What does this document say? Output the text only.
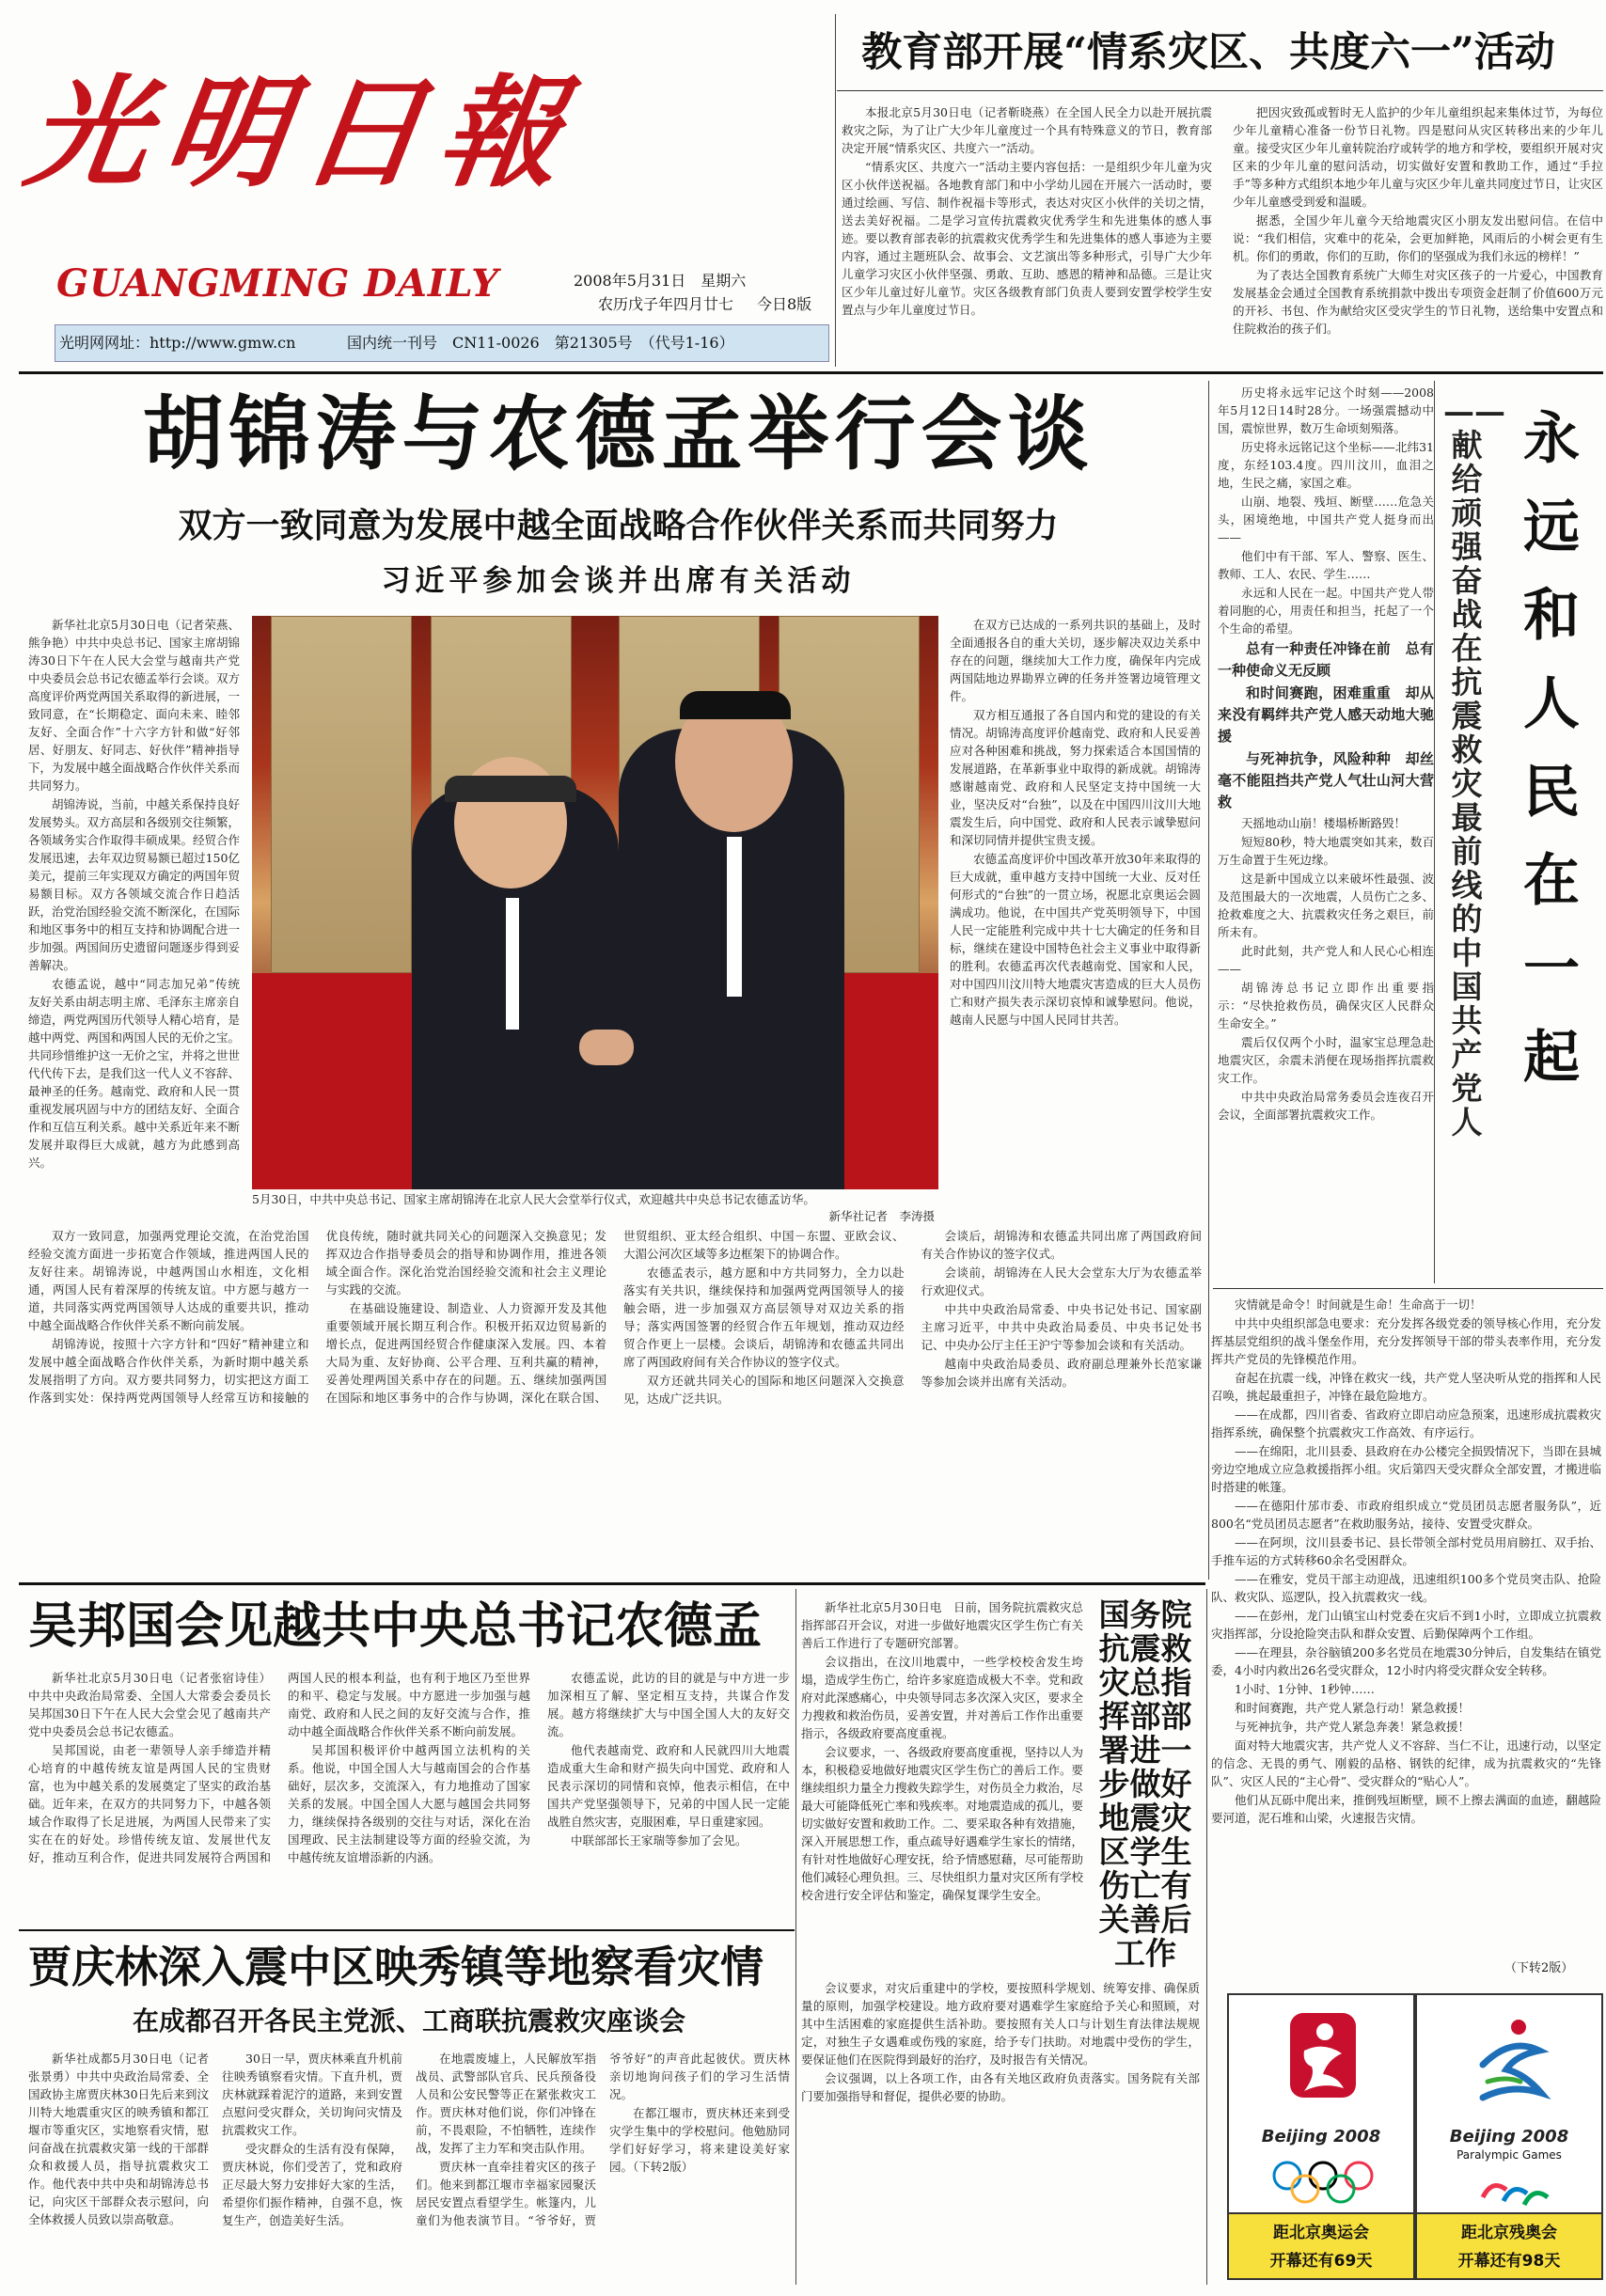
光明日報
GUANGMING DAILY	2008年5月31日　星期六
今日8版
农历戊子年四月廿七
光明网网址：http://www.gmw.cn	国内统一刊号　CN11-0026　第21305号　（代号1-16）
教育部开展“情系灾区、共度六一”活动

本报北京5月30日电（记者靳晓燕）在全国人民全力以赴开展抗震救灾之际，为了让广大少年儿童度过一个具有特殊意义的节日，教育部决定开展“情系灾区、共度六一”活动。

“情系灾区、共度六一”活动主要内容包括：一是组织少年儿童为灾区小伙伴送祝福。各地教育部门和中小学幼儿园在开展六一活动时，要通过绘画、写信、制作祝福卡等形式，表达对灾区小伙伴的关切之情，送去美好祝福。二是学习宣传抗震救灾优秀学生和先进集体的感人事迹。要以教育部表彰的抗震救灾优秀学生和先进集体的感人事迹为主要内容，通过主题班队会、故事会、文艺演出等多种形式，引导广大少年儿童学习灾区小伙伴坚强、勇敢、互助、感恩的精神和品德。三是让灾区少年儿童过好儿童节。灾区各级教育部门负责人要到安置学校学生安置点与少年儿童度过节日。

把因灾致孤或暂时无人监护的少年儿童组织起来集体过节，为每位少年儿童精心准备一份节日礼物。四是慰问从灾区转移出来的少年儿童。接受灾区少年儿童转院治疗或转学的地方和学校，要组织开展对灾区来的少年儿童的慰问活动，切实做好安置和教助工作，通过“手拉手”等多种方式组织本地少年儿童与灾区少年儿童共同度过节日，让灾区少年儿童感受到爱和温暖。

据悉，全国少年儿童今天给地震灾区小朋友发出慰问信。在信中说：“我们相信，灾难中的花朵，会更加鲜艳，风雨后的小树会更有生机。你们的勇敢，你们的互助，你们的坚强成为我们永远的榜样！”

为了表达全国教育系统广大师生对灾区孩子的一片爱心，中国教育发展基金会通过全国教育系统捐款中拨出专项资金赶制了价值600万元的开衫、书包、作为献给灾区受灾学生的节日礼物，送给集中安置点和住院救治的孩子们。

胡锦涛与农德孟举行会谈
双方一致同意为发展中越全面战略合作伙伴关系而共同努力
习近平参加会谈并出席有关活动

新华社北京5月30日电（记者荣燕、熊争艳）中共中央总书记、国家主席胡锦涛30日下午在人民大会堂与越南共产党中央委员会总书记农德孟举行会谈。双方高度评价两党两国关系取得的新进展，一致同意，在“长期稳定、面向未来、睦邻友好、全面合作”十六字方针和做“好邻居、好朋友、好同志、好伙伴”精神指导下，为发展中越全面战略合作伙伴关系而共同努力。

胡锦涛说，当前，中越关系保持良好发展势头。双方高层和各级别交往频繁，各领域务实合作取得丰硕成果。经贸合作发展迅速，去年双边贸易额已超过150亿美元，提前三年实现双方确定的两国年贸易额目标。双方各领域交流合作日趋活跃，治党治国经验交流不断深化，在国际和地区事务中的相互支持和协调配合进一步加强。两国间历史遗留问题逐步得到妥善解决。

农德孟说，越中“同志加兄弟”传统友好关系由胡志明主席、毛泽东主席亲自缔造，两党两国历代领导人精心培育，是越中两党、两国和两国人民的无价之宝。共同珍惜维护这一无价之宝，并将之世世代代传下去，是我们这一代人义不容辞、最神圣的任务。越南党、政府和人民一贯重视发展巩固与中方的团结友好、全面合作和互信互利关系。越中关系近年来不断发展并取得巨大成就，越方为此感到高兴。

5月30日，中共中央总书记、国家主席胡锦涛在北京人民大会堂举行仪式，欢迎越共中央总书记农德孟访华。
新华社记者　李涛摄

在双方已达成的一系列共识的基础上，及时全面通报各自的重大关切，逐步解决双边关系中存在的问题，继续加大工作力度，确保年内完成两国陆地边界勘界立碑的任务并签署边境管理文件。

双方相互通报了各自国内和党的建设的有关情况。胡锦涛高度评价越南党、政府和人民妥善应对各种困难和挑战，努力探索适合本国国情的发展道路，在革新事业中取得的新成就。胡锦涛感谢越南党、政府和人民坚定支持中国统一大业，坚决反对“台独”，以及在中国四川汶川大地震发生后，向中国党、政府和人民表示诚挚慰问和深切同情并提供宝贵支援。

农德孟高度评价中国改革开放30年来取得的巨大成就，重申越方支持中国统一大业、反对任何形式的“台独”的一贯立场，祝愿北京奥运会圆满成功。他说，在中国共产党英明领导下，中国人民一定能胜利完成中共十七大确定的任务和目标，继续在建设中国特色社会主义事业中取得新的胜利。农德孟再次代表越南党、国家和人民，对中国四川汶川特大地震灾害造成的巨大人员伤亡和财产损失表示深切哀悼和诚挚慰问。他说，越南人民愿与中国人民同甘共苦。

双方一致同意，加强两党理论交流，在治党治国经验交流方面进一步拓宽合作领域，推进两国人民的友好往来。胡锦涛说，中越两国山水相连，文化相通，两国人民有着深厚的传统友谊。中方愿与越方一道，共同落实两党两国领导人达成的重要共识，推动中越全面战略合作伙伴关系不断向前发展。

胡锦涛说，按照十六字方针和“四好”精神建立和发展中越全面战略合作伙伴关系，为新时期中越关系发展指明了方向。双方要共同努力，切实把这方面工作落到实处：保持两党两国领导人经常互访和接触的优良传统，随时就共同关心的问题深入交换意见；发挥双边合作指导委员会的指导和协调作用，推进各领域全面合作。深化治党治国经验交流和社会主义理论与实践的交流。

在基础设施建设、制造业、人力资源开发及其他重要领域开展长期互利合作。积极开拓双边贸易新的增长点，促进两国经贸合作健康深入发展。四、本着大局为重、友好协商、公平合理、互利共赢的精神，妥善处理两国关系中存在的问题。五、继续加强两国在国际和地区事务中的合作与协调，深化在联合国、世贸组织、亚太经合组织、中国－东盟、亚欧会议、大湄公河次区域等多边框架下的协调合作。

农德孟表示，越方愿和中方共同努力，全力以赴落实有关共识，继续保持和加强两党两国领导人的接触会晤，进一步加强双方高层领导对双边关系的指导；落实两国签署的经贸合作五年规划，推动双边经贸合作更上一层楼。会谈后，胡锦涛和农德孟共同出席了两国政府间有关合作协议的签字仪式。

双方还就共同关心的国际和地区问题深入交换意见，达成广泛共识。

会谈后，胡锦涛和农德孟共同出席了两国政府间有关合作协议的签字仪式。

会谈前，胡锦涛在人民大会堂东大厅为农德孟举行欢迎仪式。

中共中央政治局常委、中央书记处书记、国家副主席习近平，中共中央政治局委员、中央书记处书记、中央办公厅主任王沪宁等参加会谈和有关活动。

越南中央政治局委员、政府副总理兼外长范家谦等参加会谈并出席有关活动。

永远和人民在一起
——献给顽强奋战在抗震救灾最前线的中国共产党人

历史将永远牢记这个时刻——2008年5月12日14时28分。一场强震撼动中国，震惊世界，数万生命顷刻殒落。

历史将永远铭记这个坐标——北纬31度，东经103.4度。四川汶川，血泪之地，生民之痛，家国之难。

山崩、地裂、残垣、断壁……危急关头，困境绝地，中国共产党人挺身而出——

他们中有干部、军人、警察、医生、教师、工人、农民、学生……

永远和人民在一起。中国共产党人带着同胞的心，用责任和担当，托起了一个个生命的希望。

总有一种责任冲锋在前　总有一种使命义无反顾

和时间赛跑，困难重重　却从来没有羁绊共产党人感天动地大驰援

与死神抗争，风险种种　却丝毫不能阻挡共产党人气壮山河大营救

天摇地动山崩！楼塌桥断路毁！

短短80秒，特大地震突如其来，数百万生命置于生死边缘。

这是新中国成立以来破坏性最强、波及范围最大的一次地震，人员伤亡之多、抢救难度之大、抗震救灾任务之艰巨，前所未有。

此时此刻，共产党人和人民心心相连——

胡锦涛总书记立即作出重要指示：“尽快抢救伤员，确保灾区人民群众生命安全。”

震后仅仅两个小时，温家宝总理急赴地震灾区，余震未消便在现场指挥抗震救灾工作。

中共中央政治局常务委员会连夜召开会议，全面部署抗震救灾工作。

灾情就是命令！时间就是生命！生命高于一切！

中共中央组织部急电要求：充分发挥各级党委的领导核心作用，充分发挥基层党组织的战斗堡垒作用，充分发挥领导干部的带头表率作用，充分发挥共产党员的先锋模范作用。

奋起在抗震一线，冲锋在救灾一线，共产党人坚决听从党的指挥和人民召唤，挑起最重担子，冲锋在最危险地方。

——在成都，四川省委、省政府立即启动应急预案，迅速形成抗震救灾指挥系统，确保整个抗震救灾工作高效、有序运行。

——在绵阳，北川县委、县政府在办公楼完全损毁情况下，当即在县城旁边空地成立应急救援指挥小组。灾后第四天受灾群众全部安置，才搬进临时搭建的帐篷。

——在德阳什邡市委、市政府组织成立“党员团员志愿者服务队”，近800名“党员团员志愿者”在救助服务站，接待、安置受灾群众。

——在阿坝，汶川县委书记、县长带领全部村党员用肩膀扛、双手抬、手推车运的方式转移60余名受困群众。

——在雅安，党员干部主动迎战，迅速组织100多个党员突击队、抢险队、救灾队、巡逻队，投入抗震救灾一线。

——在彭州，龙门山镇宝山村党委在灾后不到1小时，立即成立抗震救灾指挥部，分设抢险突击队和群众安置、后勤保障两个工作组。

——在理县，杂谷脑镇200多名党员在地震30分钟后，自发集结在镇党委，4小时内救出26名受灾群众，12小时内将受灾群众安全转移。

1小时、1分钟、1秒钟……

和时间赛跑，共产党人紧急行动！紧急救援！

与死神抗争，共产党人紧急奔袭！紧急救援！

面对特大地震灾害，共产党人义不容辞、当仁不让，迅速行动，以坚定的信念、无畏的勇气、刚毅的品格、钢铁的纪律，成为抗震救灾的“先锋队”、灾区人民的“主心骨”、受灾群众的“贴心人”。

他们从瓦砾中爬出来，推倒残垣断壁，顾不上擦去满面的血迹，翻越险要河道，泥石堆和山梁，火速报告灾情。

（下转2版）
吴邦国会见越共中央总书记农德孟

新华社北京5月30日电（记者张宿诗佳）中共中央政治局常委、全国人大常委会委员长吴邦国30日下午在人民大会堂会见了越南共产党中央委员会总书记农德孟。

吴邦国说，由老一辈领导人亲手缔造并精心培育的中越传统友谊是两国人民的宝贵财富，也为中越关系的发展奠定了坚实的政治基础。近年来，在双方的共同努力下，中越各领域合作取得了长足进展，为两国人民带来了实实在在的好处。珍惜传统友谊、发展世代友好，推动互利合作，促进共同发展符合两国和两国人民的根本利益，也有利于地区乃至世界的和平、稳定与发展。中方愿进一步加强与越南党、政府和人民之间的友好交流与合作，推动中越全面战略合作伙伴关系不断向前发展。

吴邦国积极评价中越两国立法机构的关系。他说，中国全国人大与越南国会的合作基础好，层次多，交流深入，有力地推动了国家关系的发展。中国全国人大愿与越国会共同努力，继续保持各级别的交往与对话，深化在治国理政、民主法制建设等方面的经验交流，为中越传统友谊增添新的内涵。

农德孟说，此访的目的就是与中方进一步加深相互了解、坚定相互支持，共谋合作发展。越方将继续扩大与中国全国人大的友好交流。

他代表越南党、政府和人民就四川大地震造成重大生命和财产损失向中国党、政府和人民表示深切的同情和哀悼，他表示相信，在中国共产党坚强领导下，兄弟的中国人民一定能战胜自然灾害，克服困难，早日重建家园。

中联部部长王家瑞等参加了会见。

贾庆林深入震中区映秀镇等地察看灾情
在成都召开各民主党派、工商联抗震救灾座谈会

新华社成都5月30日电（记者张景勇）中共中央政治局常委、全国政协主席贾庆林30日先后来到汶川特大地震重灾区的映秀镇和都江堰市等重灾区，实地察看灾情，慰问奋战在抗震救灾第一线的干部群众和救援人员，指导抗震救灾工作。他代表中共中央和胡锦涛总书记，向灾区干部群众表示慰问，向全体救援人员致以崇高敬意。

30日一早，贾庆林乘直升机前往映秀镇察看灾情。下直升机，贾庆林就踩着泥泞的道路，来到安置点慰问受灾群众，关切询问灾情及抗震救灾工作。

受灾群众的生活有没有保障，贾庆林说，你们受苦了，党和政府正尽最大努力安排好大家的生活，希望你们振作精神，自强不息，恢复生产，创造美好生活。

在地震废墟上，人民解放军指战员、武警部队官兵、民兵预备役人员和公安民警等正在紧张救灾工作。贾庆林对他们说，你们冲锋在前，不畏艰险，不怕牺牲，连续作战，发挥了主力军和突击队作用。

贾庆林一直牵挂着灾区的孩子们。他来到都江堰市幸福家园聚沃居民安置点看望学生。帐篷内，儿童们为他表演节目。“爷爷好，贾爷爷好”的声音此起彼伏。贾庆林亲切地询问孩子们的学习生活情况。

在都江堰市，贾庆林还来到受灾学生集中的学校慰问。他勉励同学们好好学习，将来建设美好家园。（下转2版）

国务院抗震救灾总指挥部部署进一步做好地震灾区学生伤亡有关善后工作

新华社北京5月30日电　日前，国务院抗震救灾总指挥部召开会议，对进一步做好地震灾区学生伤亡有关善后工作进行了专题研究部署。

会议指出，在汶川地震中，一些学校校舍发生垮塌，造成学生伤亡，给许多家庭造成极大不幸。党和政府对此深感痛心，中央领导同志多次深入灾区，要求全力搜救和救治伤员，妥善安置，并对善后工作作出重要指示，各级政府要高度重视。

会议要求，一、各级政府要高度重视，坚持以人为本，积极稳妥地做好地震灾区学生伤亡的善后工作。要继续组织力量全力搜救失踪学生，对伤员全力救治，尽最大可能降低死亡率和残疾率。对地震造成的孤儿，要切实做好安置和救助工作。二、要采取各种有效措施，深入开展思想工作，重点疏导好遇难学生家长的情绪，有针对性地做好心理安抚，给予情感慰藉，尽可能帮助他们减轻心理负担。三、尽快组织力量对灾区所有学校校舍进行安全评估和鉴定，确保复课学生安全。

会议要求，对灾后重建中的学校，要按照科学规划、统筹安排、确保质量的原则，加强学校建设。地方政府要对遇难学生家庭给予关心和照顾，对其中生活困难的家庭提供生活补助。要按照有关人口与计划生育法律法规规定，对独生子女遇难或伤残的家庭，给予专门扶助。对地震中受伤的学生，要保证他们在医院得到最好的治疗，及时报告有关情况。

会议强调，以上各项工作，由各有关地区政府负责落实。国务院有关部门要加强指导和督促，提供必要的协助。

Beijing 2008
距北京奥运会
开幕还有69天
Beijing 2008
Paralympic Games
距北京残奥会
开幕还有98天
